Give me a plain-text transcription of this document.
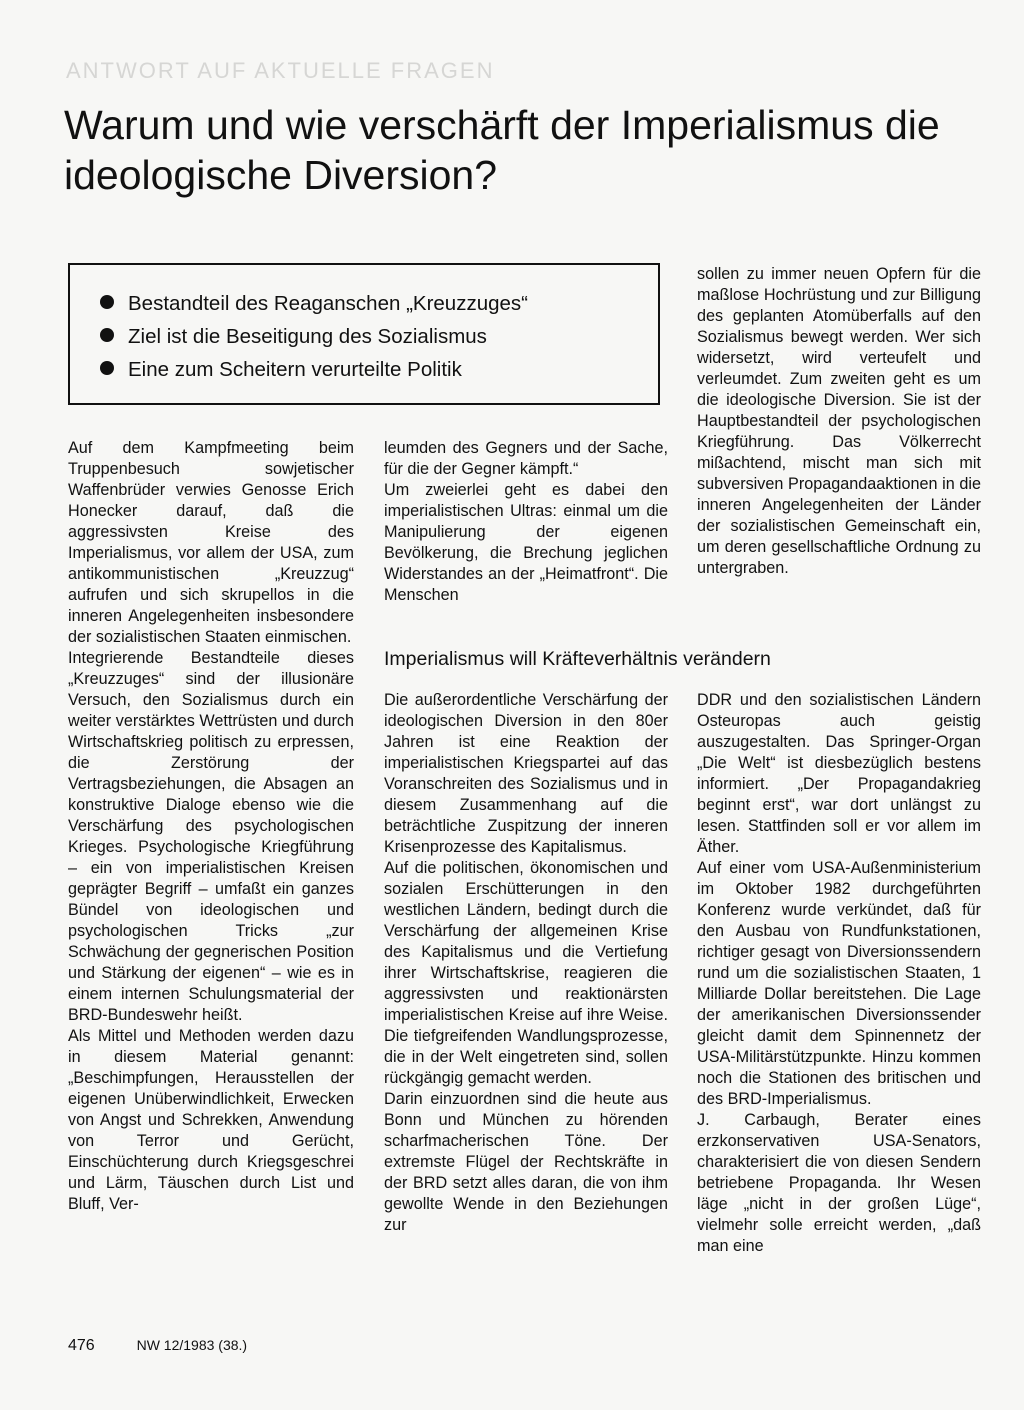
ANTWORT AUF AKTUELLE FRAGEN
Warum und wie verschärft der Imperialismus die ideologische Diversion?
Bestandteil des Reaganschen „Kreuzzuges“
Ziel ist die Beseitigung des Sozialismus
Eine zum Scheitern verurteilte Politik

Auf dem Kampfmeeting beim Truppenbesuch sowjetischer Waffenbrüder verwies Genosse Erich Honecker darauf, daß die aggressivsten Kreise des Imperialismus, vor allem der USA, zum antikommunistischen „Kreuzzug“ aufrufen und sich skrupellos in die inneren Angelegenheiten insbesondere der sozialistischen Staaten einmischen.

Integrierende Bestandteile dieses „Kreuzzuges“ sind der illusionäre Versuch, den Sozialismus durch ein weiter verstärktes Wettrüsten und durch Wirtschaftskrieg politisch zu erpressen, die Zerstörung der Vertragsbeziehungen, die Absagen an konstruktive Dialoge ebenso wie die Verschärfung des psychologischen Krieges. Psychologische Kriegführung – ein von imperialistischen Kreisen geprägter Begriff – umfaßt ein ganzes Bündel von ideologischen und psychologischen Tricks „zur Schwächung der gegnerischen Position und Stärkung der eigenen“ – wie es in einem internen Schulungsmaterial der BRD-Bundeswehr heißt.

Als Mittel und Methoden werden dazu in diesem Material genannt: „Beschimpfungen, Herausstellen der eigenen Unüberwindlichkeit, Erwecken von Angst und Schrekken, Anwendung von Terror und Gerücht, Einschüchterung durch Kriegsgeschrei und Lärm, Täuschen durch List und Bluff, Ver-

leumden des Gegners und der Sache, für die der Gegner kämpft.“

Um zweierlei geht es dabei den imperialistischen Ultras: einmal um die Manipulierung der eigenen Bevölkerung, die Brechung jeglichen Widerstandes an der „Heimatfront“. Die Menschen

sollen zu immer neuen Opfern für die maßlose Hochrüstung und zur Billigung des geplanten Atomüberfalls auf den Sozialismus bewegt werden. Wer sich widersetzt, wird verteufelt und verleumdet. Zum zweiten geht es um die ideologische Diversion. Sie ist der Hauptbestandteil der psychologischen Kriegführung. Das Völkerrecht mißachtend, mischt man sich mit subversiven Propagandaaktionen in die inneren Angelegenheiten der Länder der sozialistischen Gemeinschaft ein, um deren gesellschaftliche Ordnung zu untergraben.

Imperialismus will Kräfteverhältnis verändern

Die außerordentliche Verschärfung der ideologischen Diversion in den 80er Jahren ist eine Reaktion der imperialistischen Kriegspartei auf das Voranschreiten des Sozialismus und in diesem Zusammenhang auf die beträchtliche Zuspitzung der inneren Krisenprozesse des Kapitalismus.

Auf die politischen, ökonomischen und sozialen Erschütterungen in den westlichen Ländern, bedingt durch die Verschärfung der allgemeinen Krise des Kapitalismus und die Vertiefung ihrer Wirtschaftskrise, reagieren die aggressivsten und reaktionärsten imperialistischen Kreise auf ihre Weise. Die tiefgreifenden Wandlungsprozesse, die in der Welt eingetreten sind, sollen rückgängig gemacht werden.

Darin einzuordnen sind die heute aus Bonn und München zu hörenden scharfmacherischen Töne. Der extremste Flügel der Rechtskräfte in der BRD setzt alles daran, die von ihm gewollte Wende in den Beziehungen zur

DDR und den sozialistischen Ländern Osteuropas auch geistig auszugestalten. Das Springer-Organ „Die Welt“ ist diesbezüglich bestens informiert. „Der Propagandakrieg beginnt erst“, war dort unlängst zu lesen. Stattfinden soll er vor allem im Äther.

Auf einer vom USA-Außenministerium im Oktober 1982 durchgeführten Konferenz wurde verkündet, daß für den Ausbau von Rundfunkstationen, richtiger gesagt von Diversionssendern rund um die sozialistischen Staaten, 1 Milliarde Dollar bereitstehen. Die Lage der amerikanischen Diversionssender gleicht damit dem Spinnennetz der USA-Militärstützpunkte. Hinzu kommen noch die Stationen des britischen und des BRD-Imperialismus.

J. Carbaugh, Berater eines erzkonservativen USA-Senators, charakterisiert die von diesen Sendern betriebene Propaganda. Ihr Wesen läge „nicht in der großen Lüge“, vielmehr solle erreicht werden, „daß man eine

476	NW 12/1983 (38.)
